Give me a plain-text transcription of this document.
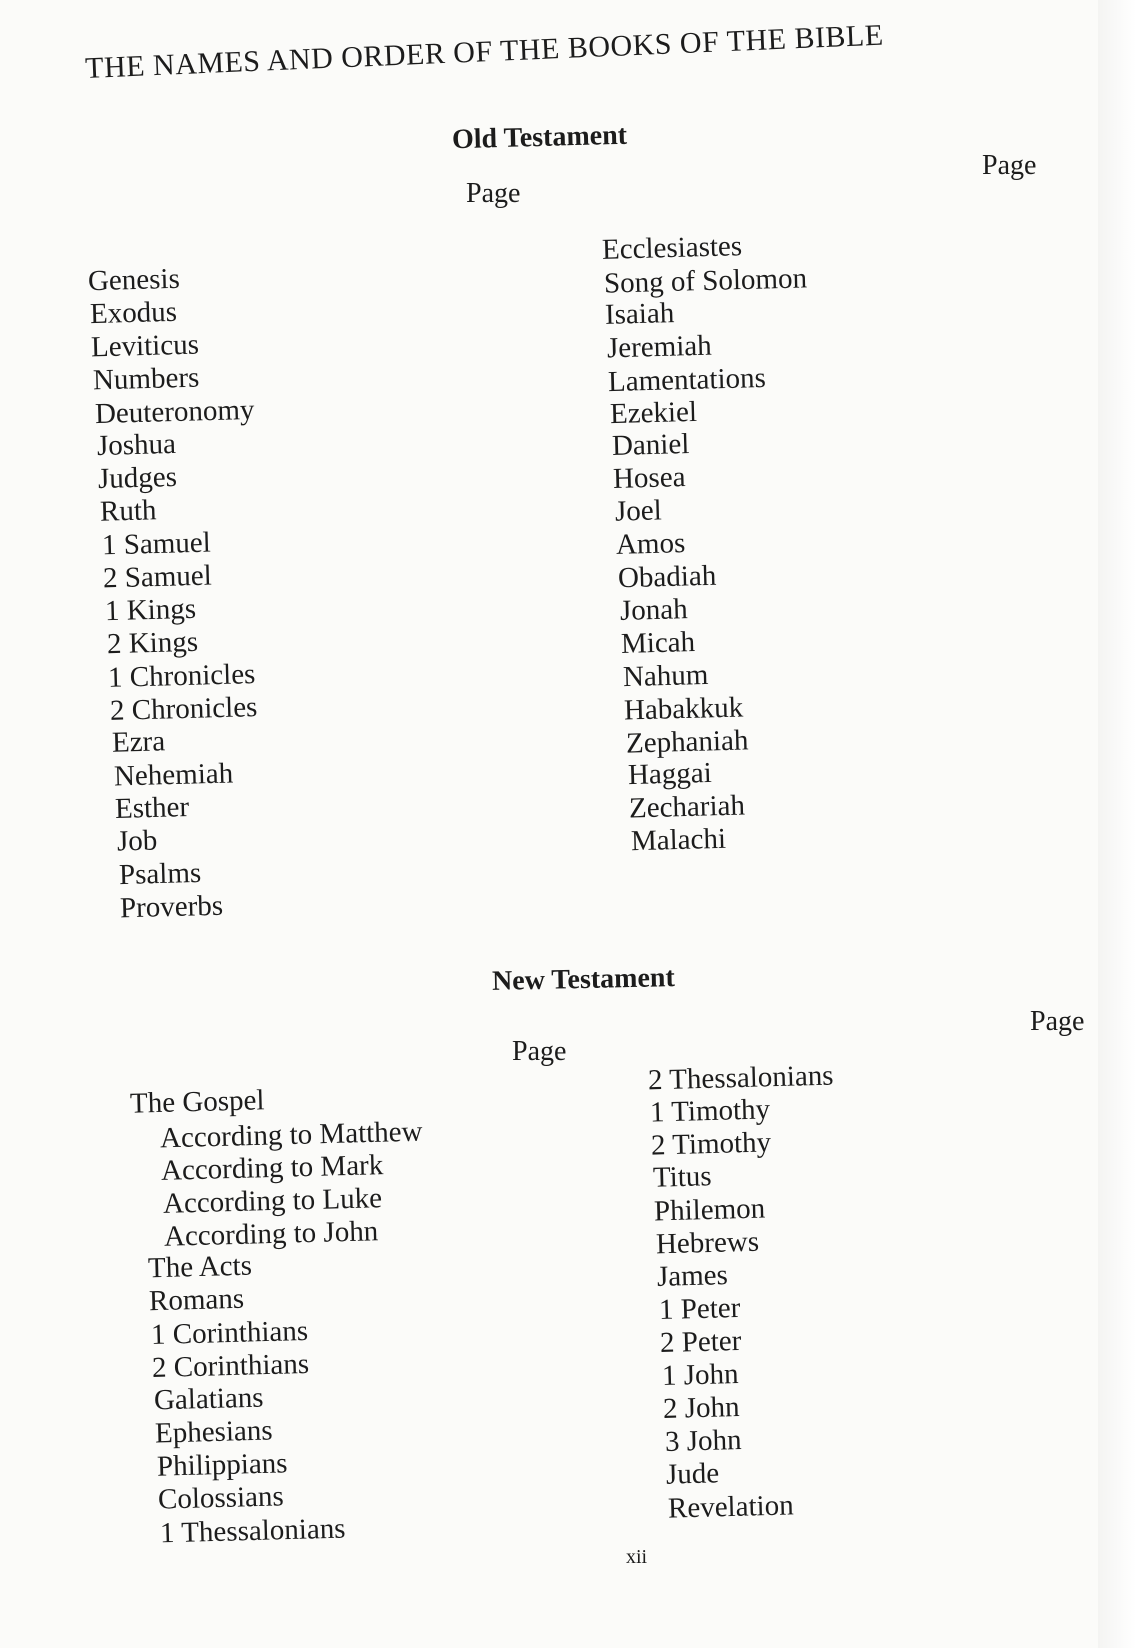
THE NAMES AND ORDER OF THE BOOKS OF THE BIBLE
Old Testament
Page
Page
Genesis
Exodus
Leviticus
Numbers
Deuteronomy
Joshua
Judges
Ruth
1 Samuel
2 Samuel
1 Kings
2 Kings
1 Chronicles
2 Chronicles
Ezra
Nehemiah
Esther
Job
Psalms
Proverbs
Ecclesiastes
Song of Solomon
Isaiah
Jeremiah
Lamentations
Ezekiel
Daniel
Hosea
Joel
Amos
Obadiah
Jonah
Micah
Nahum
Habakkuk
Zephaniah
Haggai
Zechariah
Malachi
New Testament
Page
Page
The Gospel
According to Matthew
According to Mark
According to Luke
According to John
The Acts
Romans
1 Corinthians
2 Corinthians
Galatians
Ephesians
Philippians
Colossians
1 Thessalonians
2 Thessalonians
1 Timothy
2 Timothy
Titus
Philemon
Hebrews
James
1 Peter
2 Peter
1 John
2 John
3 John
Jude
Revelation
xii
